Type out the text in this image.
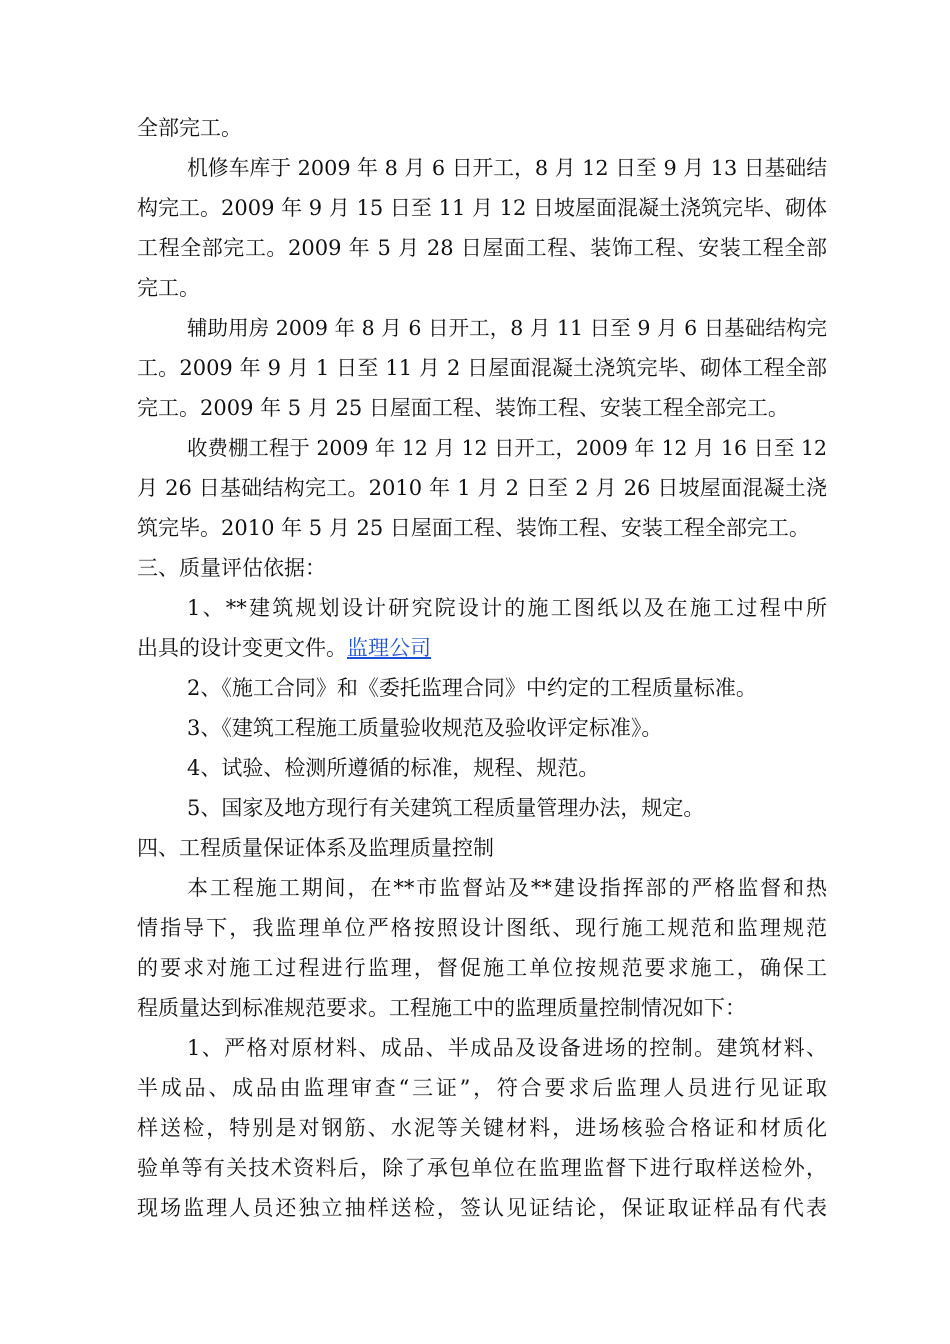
全部完工。
机修车库于 2009 年 8 月 6 日开工，8 月 12 日至 9 月 13 日基础结
构完工。2009 年 9 月 15 日至 11 月 12 日坡屋面混凝土浇筑完毕、砌体
工程全部完工。2009 年 5 月 28 日屋面工程、装饰工程、安装工程全部
完工。
辅助用房 2009 年 8 月 6 日开工，8 月 11 日至 9 月 6 日基础结构完
工。2009 年 9 月 1 日至 11 月 2 日屋面混凝土浇筑完毕、砌体工程全部
完工。2009 年 5 月 25 日屋面工程、装饰工程、安装工程全部完工。
收费棚工程于 2009 年 12 月 12 日开工，2009 年 12 月 16 日至 12
月 26 日基础结构完工。2010 年 1 月 2 日至 2 月 26 日坡屋面混凝土浇
筑完毕。2010 年 5 月 25 日屋面工程、装饰工程、安装工程全部完工。
三、质量评估依据：
1、**建筑规划设计研究院设计的施工图纸以及在施工过程中所
出具的设计变更文件。监理公司
2、《施工合同》和《委托监理合同》中约定的工程质量标准。
3、《建筑工程施工质量验收规范及验收评定标准》。
4、试验、检测所遵循的标准，规程、规范。
5、国家及地方现行有关建筑工程质量管理办法，规定。
四、工程质量保证体系及监理质量控制
本工程施工期间，在**市监督站及**建设指挥部的严格监督和热
情指导下，我监理单位严格按照设计图纸、现行施工规范和监理规范
的要求对施工过程进行监理，督促施工单位按规范要求施工，确保工
程质量达到标准规范要求。工程施工中的监理质量控制情况如下：
1、严格对原材料、成品、半成品及设备进场的控制。建筑材料、
半成品、成品由监理审查“三证”，符合要求后监理人员进行见证取
样送检，特别是对钢筋、水泥等关键材料，进场核验合格证和材质化
验单等有关技术资料后，除了承包单位在监理监督下进行取样送检外，
现场监理人员还独立抽样送检，签认见证结论，保证取证样品有代表
